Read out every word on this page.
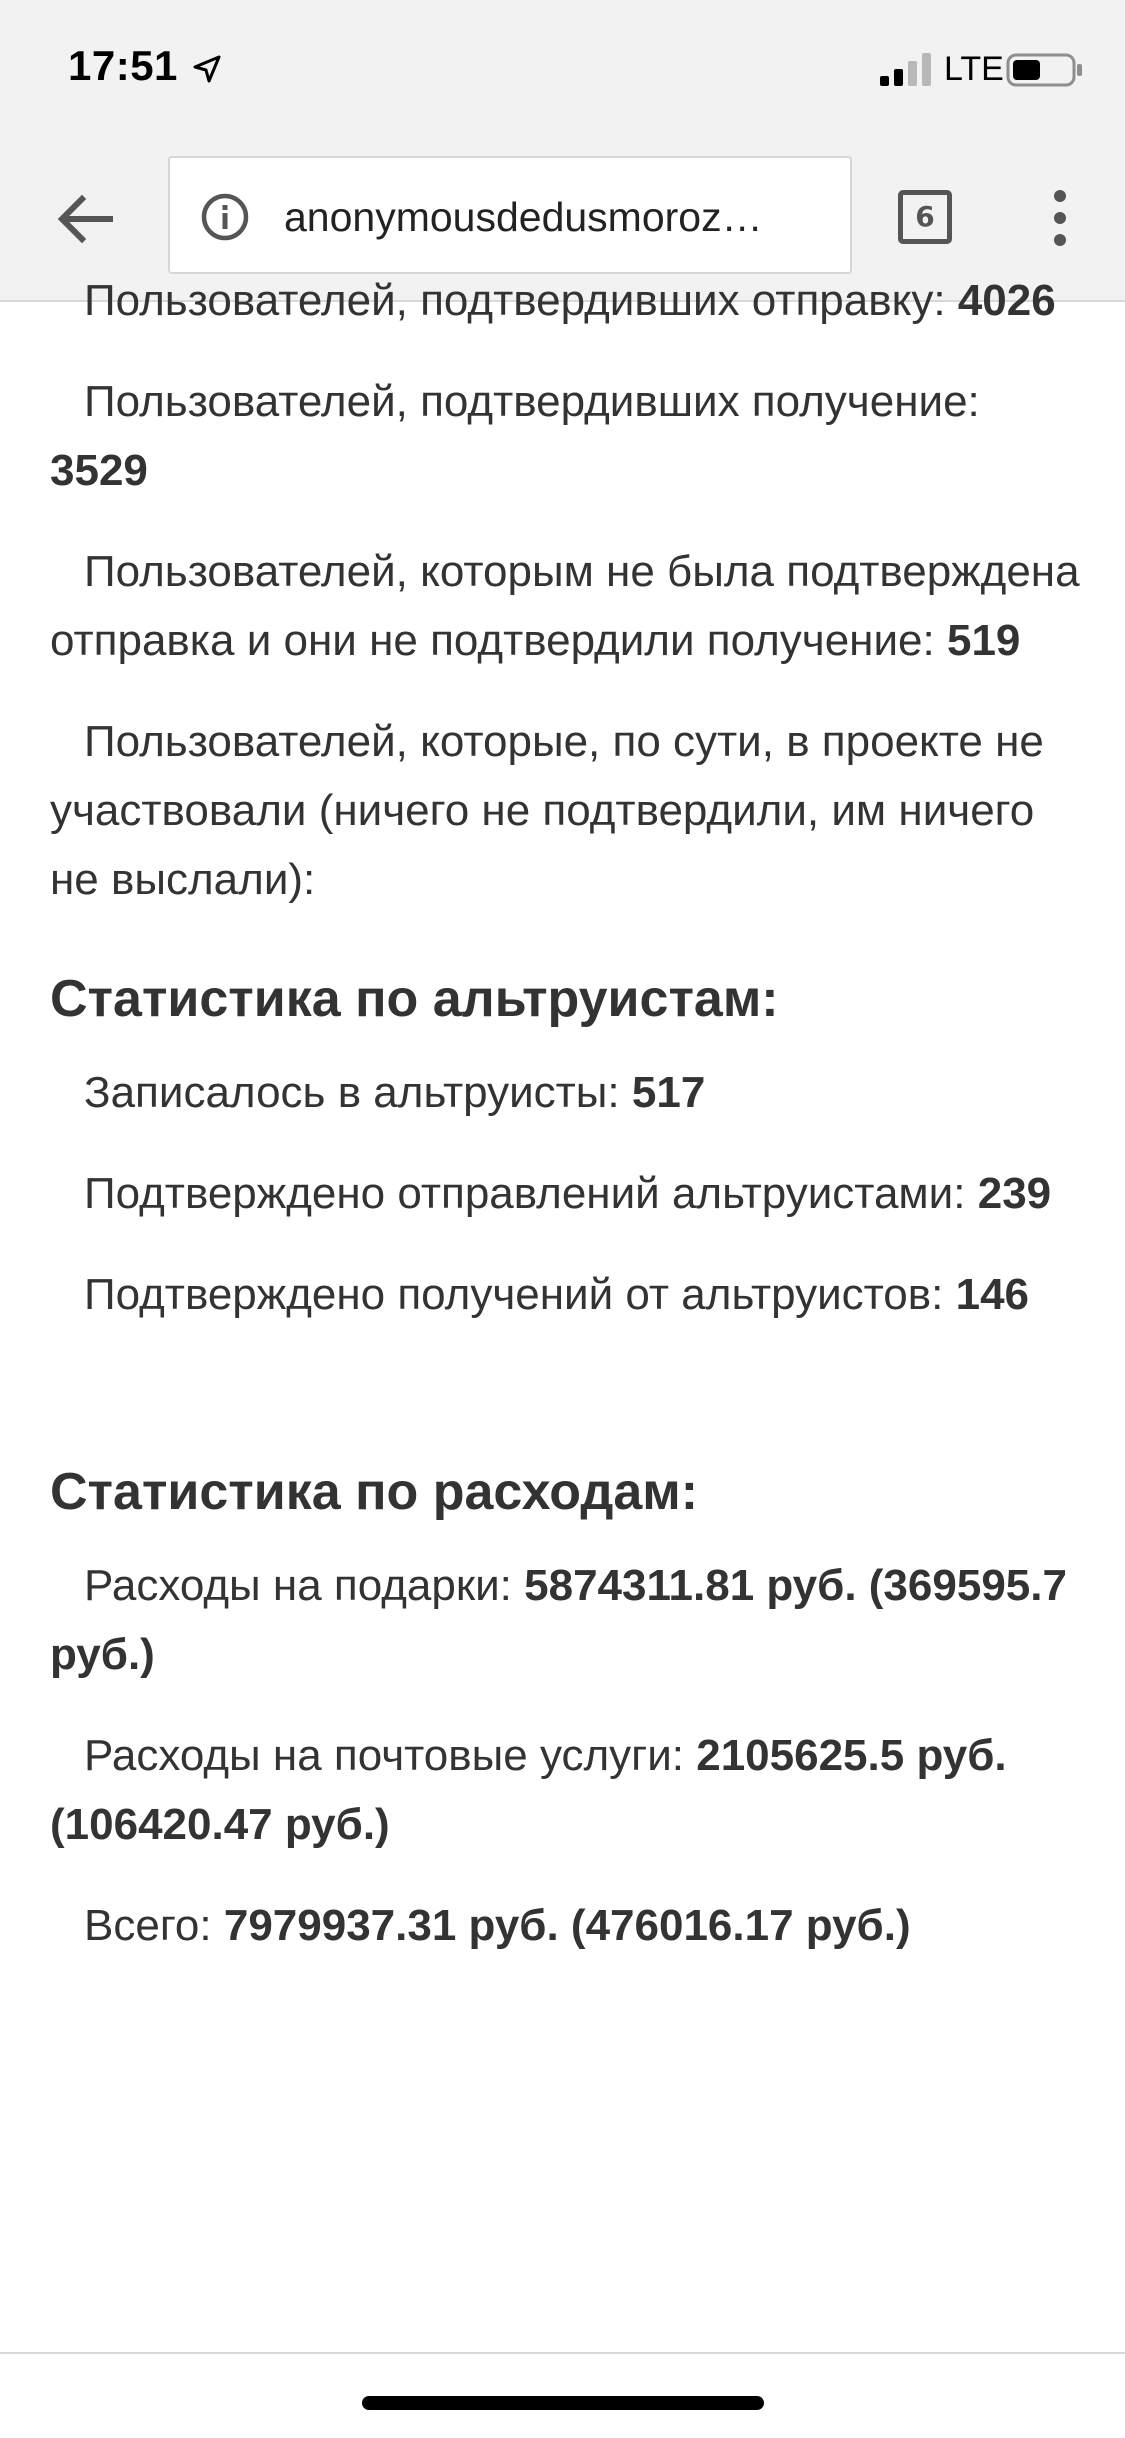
17:51	LTE
anonymousdedusmoroz…	6

Пользователей, подтвердивших отправку: 4026

Пользователей, подтвердивших получение: 3529

Пользователей, которым не была подтверждена отправка и они не подтвердили получение: 519

Пользователей, которые, по сути, в проекте не участвовали (ничего не подтвердили, им ничего не выслали):

Статистика по альтруистам:

Записалось в альтруисты: 517

Подтверждено отправлений альтруистами: 239

Подтверждено получений от альтруистов: 146

Статистика по расходам:

Расходы на подарки: 5874311.81 руб. (369595.7 руб.)

Расходы на почтовые услуги: 2105625.5 руб. (106420.47 руб.)

Всего: 7979937.31 руб. (476016.17 руб.)
